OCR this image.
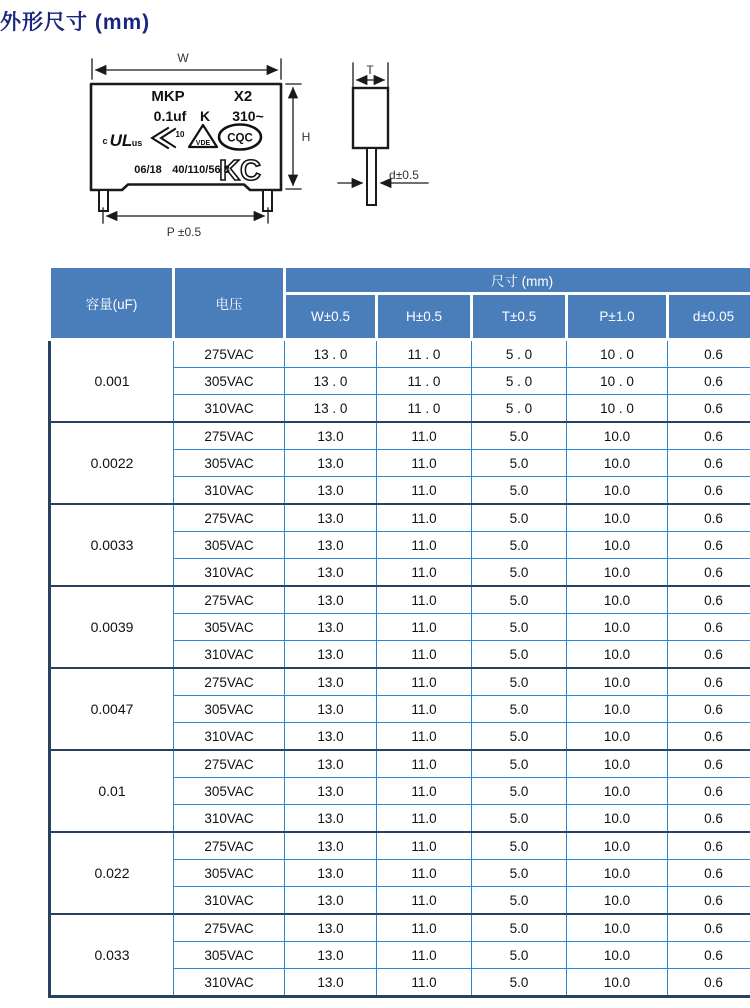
外形尺寸 (mm)
W
H
P ±0.5
MKP	X2
0.1uf K 310~
c UL us
10
VDE CQC
06/18 40/110/56 8
KC
T
d±0.5
容量(uF)	电压	尺寸 (mm)				
		W±0.5	H±0.5	T±0.5	P±1.0	d±0.05
0.001	275VAC	13 . 0	11 . 0	5 . 0	10 . 0	0.6
	305VAC	13 . 0	11 . 0	5 . 0	10 . 0	0.6
	310VAC	13 . 0	11 . 0	5 . 0	10 . 0	0.6
0.0022	275VAC	13.0	11.0	5.0	10.0	0.6
	305VAC	13.0	11.0	5.0	10.0	0.6
	310VAC	13.0	11.0	5.0	10.0	0.6
0.0033	275VAC	13.0	11.0	5.0	10.0	0.6
	305VAC	13.0	11.0	5.0	10.0	0.6
	310VAC	13.0	11.0	5.0	10.0	0.6
0.0039	275VAC	13.0	11.0	5.0	10.0	0.6
	305VAC	13.0	11.0	5.0	10.0	0.6
	310VAC	13.0	11.0	5.0	10.0	0.6
0.0047	275VAC	13.0	11.0	5.0	10.0	0.6
	305VAC	13.0	11.0	5.0	10.0	0.6
	310VAC	13.0	11.0	5.0	10.0	0.6
0.01	275VAC	13.0	11.0	5.0	10.0	0.6
	305VAC	13.0	11.0	5.0	10.0	0.6
	310VAC	13.0	11.0	5.0	10.0	0.6
0.022	275VAC	13.0	11.0	5.0	10.0	0.6
	305VAC	13.0	11.0	5.0	10.0	0.6
	310VAC	13.0	11.0	5.0	10.0	0.6
0.033	275VAC	13.0	11.0	5.0	10.0	0.6
	305VAC	13.0	11.0	5.0	10.0	0.6
	310VAC	13.0	11.0	5.0	10.0	0.6
